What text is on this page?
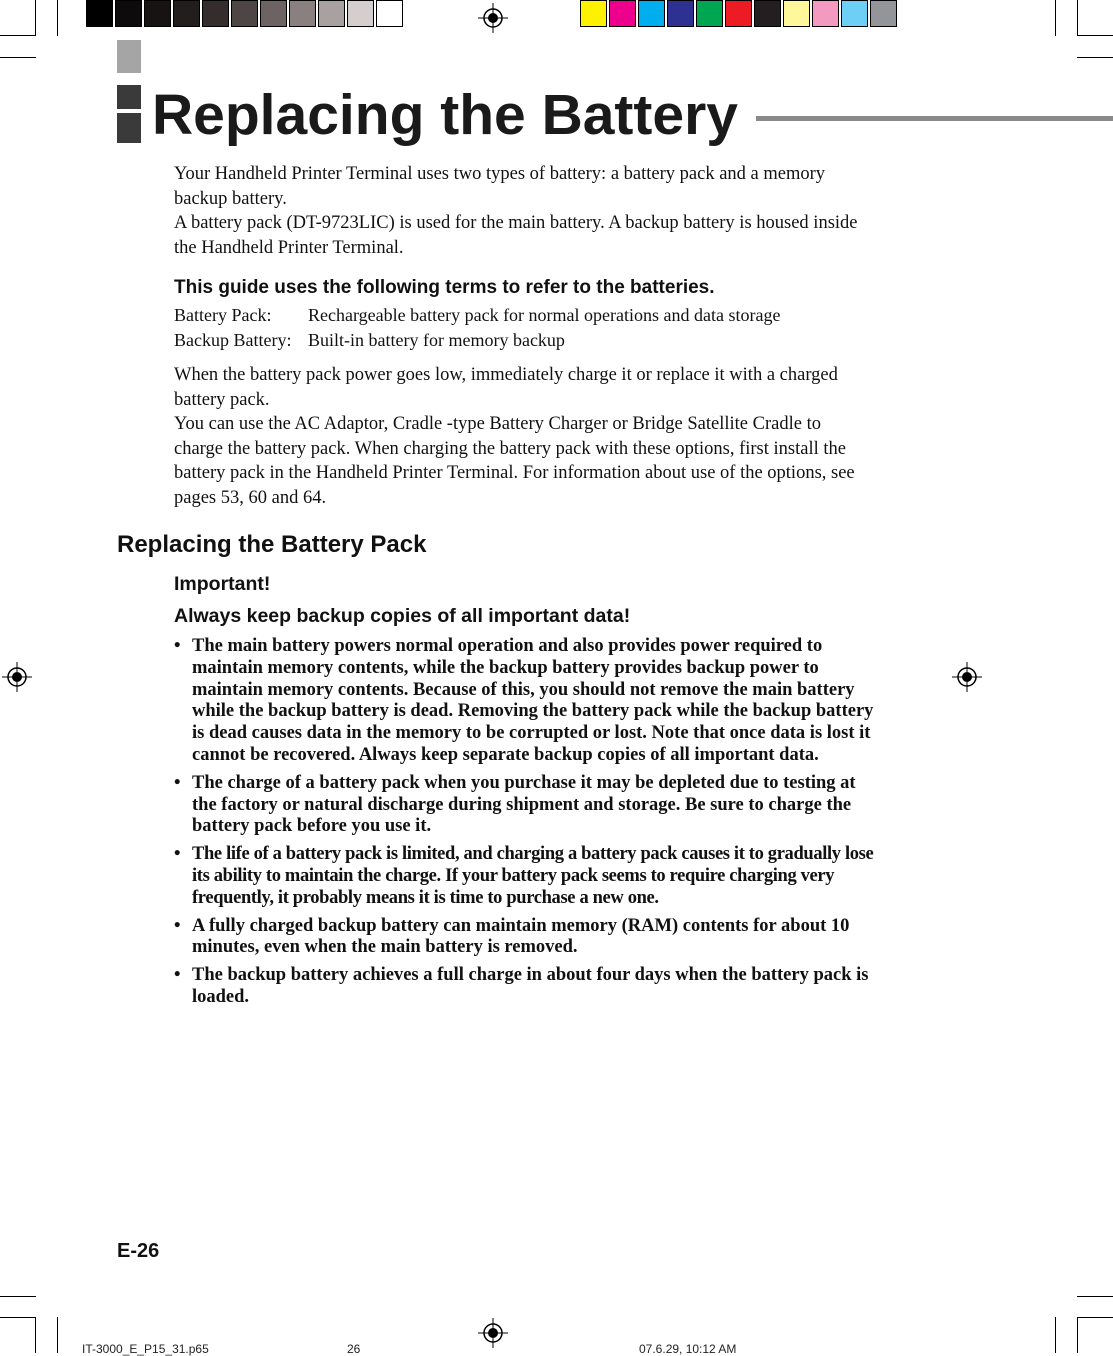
Replacing the Battery

Your Handheld Printer Terminal uses two types of battery: a battery pack and a memory backup battery.

A battery pack (DT-9723LIC) is used for the main battery. A backup battery is housed inside the Handheld Printer Terminal.

This guide uses the following terms to refer to the batteries.
Battery Pack:	Rechargeable battery pack for normal operations and data storage
Backup Battery: Built-in battery for memory backup

When the battery pack power goes low, immediately charge it or replace it with a charged battery pack.

You can use the AC Adaptor, Cradle -type Battery Charger or Bridge Satellite Cradle to charge the battery pack. When charging the battery pack with these options, first install the battery pack in the Handheld Printer Terminal. For information about use of the options, see pages 53, 60 and 64.

Replacing the Battery Pack

Important!

Always keep backup copies of all important data!

• The main battery powers normal operation and also provides power required to maintain memory contents, while the backup battery provides backup power to maintain memory contents. Because of this, you should not remove the main battery while the backup battery is dead. Removing the battery pack while the backup battery is dead causes data in the memory to be corrupted or lost. Note that once data is lost it cannot be recovered. Always keep separate backup copies of all important data.
• The charge of a battery pack when you purchase it may be depleted due to testing at the factory or natural discharge during shipment and storage. Be sure to charge the battery pack before you use it.
• The life of a battery pack is limited, and charging a battery pack causes it to gradually lose its ability to maintain the charge. If your battery pack seems to require charging very frequently, it probably means it is time to purchase a new one.
• A fully charged backup battery can maintain memory (RAM) contents for about 10 minutes, even when the main battery is removed.
• The backup battery achieves a full charge in about four days when the battery pack is loaded.

E-26

IT-3000_E_P15_31.p65	26	07.6.29, 10:12 AM
